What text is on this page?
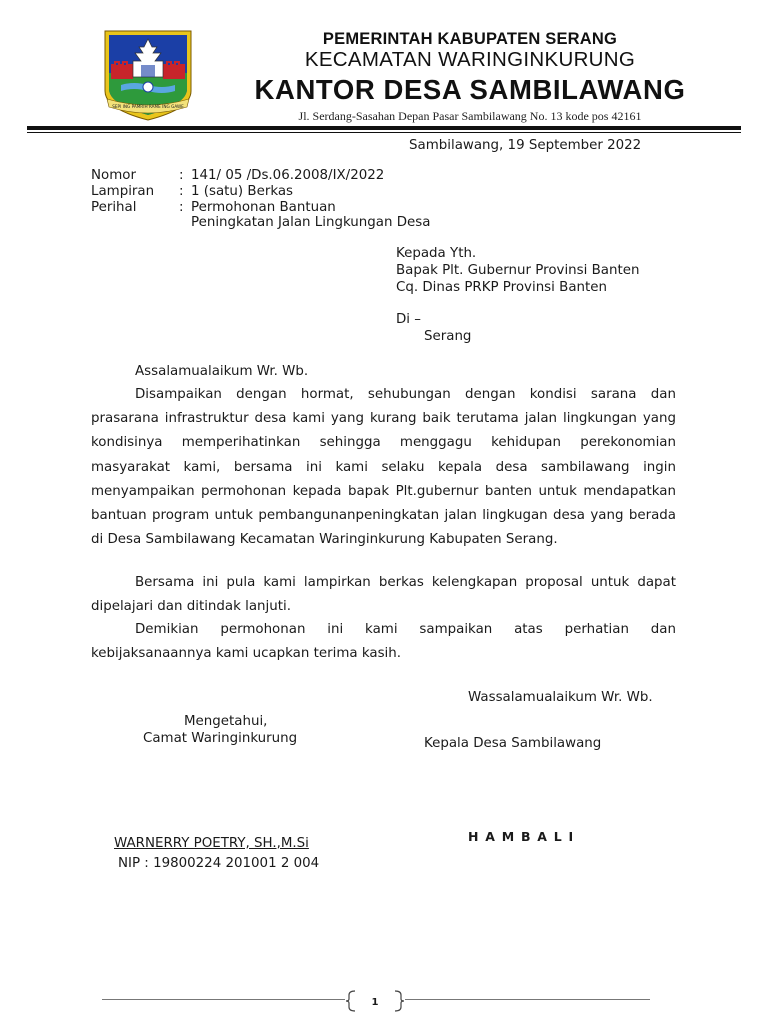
SEPI ING PAMRIH RAME ING GAWE
PEMERINTAH KABUPATEN SERANG
KECAMATAN WARINGINKURUNG
KANTOR DESA SAMBILAWANG
Jl. Serdang-Sasahan Depan Pasar Sambilawang No. 13 kode pos 42161
Sambilawang, 19 September 2022
Nomor	: 141/ 05 /Ds.06.2008/IX/2022
Lampiran : 1 (satu) Berkas
Perihal	: Permohonan Bantuan
Peningkatan Jalan Lingkungan Desa
Kepada Yth.
Bapak Plt. Gubernur Provinsi Banten
Cq. Dinas PRKP Provinsi Banten
Di –
Serang
Assalamualaikum Wr. Wb.
Disampaikan dengan hormat, sehubungan dengan kondisi sarana dan prasarana infrastruktur desa kami yang kurang baik terutama jalan lingkungan yang kondisinya memperihatinkan sehingga menggagu kehidupan perekonomian masyarakat kami, bersama ini kami selaku kepala desa sambilawang ingin menyampaikan permohonan kepada bapak Plt.gubernur banten untuk mendapatkan bantuan program untuk pembangunanpeningkatan jalan lingkugan desa yang berada di Desa Sambilawang Kecamatan Waringinkurung Kabupaten Serang.
Bersama ini pula kami lampirkan berkas kelengkapan proposal untuk dapat dipelajari dan ditindak lanjuti.
Demikian permohonan ini kami sampaikan atas perhatian dan kebijaksanaannya kami ucapkan terima kasih.
Wassalamualaikum Wr. Wb.
Mengetahui,
Camat Waringinkurung	Kepala Desa Sambilawang
WARNERRY POETRY, SH.,M.Si
NIP : 19800224 201001 2 004
HAMBALI
1
